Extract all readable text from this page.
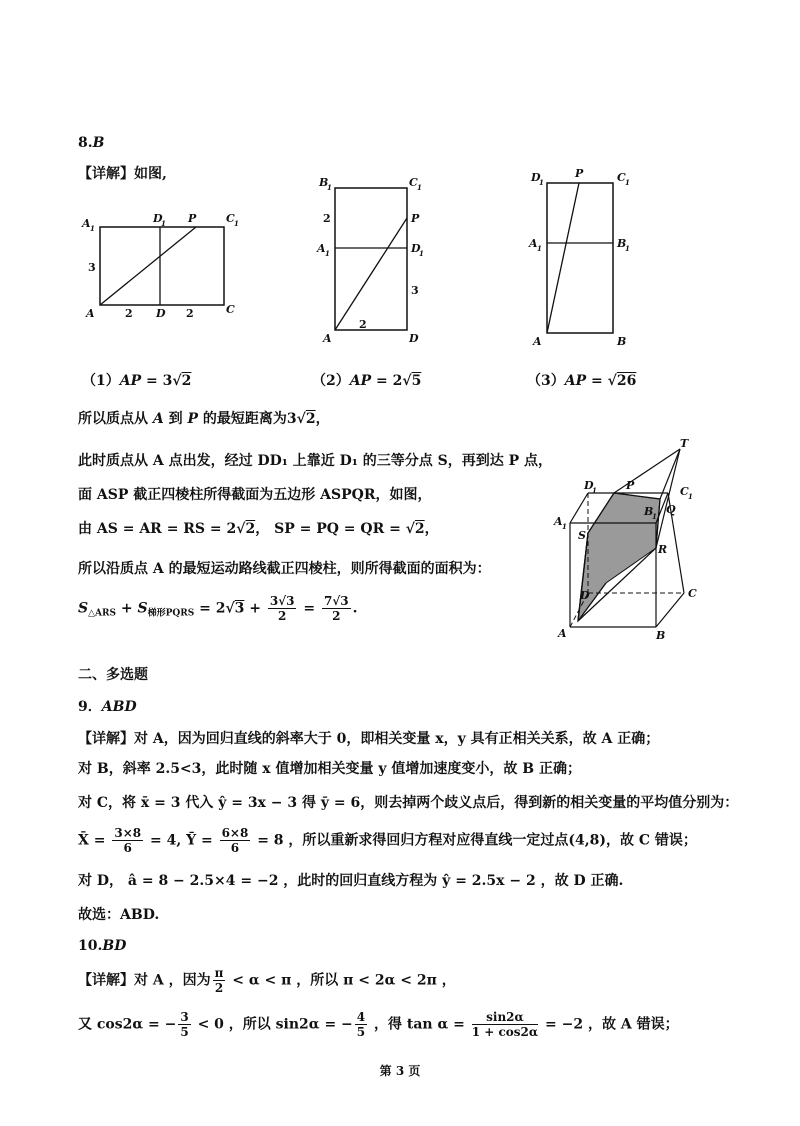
8.B
【详解】如图,
A 1
D
1 P	C 1
3
A	D	C
2	2
（1）AP = 3√2
B
1	C 1
P
A 1	D
1
2
3
A	D
2
（2）AP = 2√5
D
1
P	C 1
A 1	B
1
A	B
（3）AP = √26
所以质点从 A 到 P 的最短距离为3√2，
此时质点从 A 点出发，经过 DD₁ 上靠近 D₁ 的三等分点 S，再到达 P 点，
面 ASP 截正四棱柱所得截面为五边形 ASPQR，如图，
由 AS = AR = RS = 2√2， SP = PQ = QR = √2，
所以沿质点 A 的最短运动路线截正四棱柱，则所得截面的面积为：
$S_{\triangle ARS} + S_{梯形PQRS} = 2√3 + \frac{3√3}{2} = \frac{7√3}{2}$ .
T
D
1	P	C 1
A 1
B
1
Q
S
R
D	C
A	B
二、多选题
9．ABD
【详解】对 A，因为回归直线的斜率大于 0，即相关变量 x，y 具有正相关关系，故 A 正确；
对 B，斜率 2.5<3，此时随 x 值增加相关变量 y 值增加速度变小，故 B 正确；
对 C，将 x̄ = 3 代入 ŷ = 3x − 3 得 ȳ = 6，则去掉两个歧义点后，得到新的相关变量的平均值分别为：
X̄ = $\frac{3\times 8}{6} = 4$, Ȳ = $\frac{6\times 8}{6} = 8$ ，所以重新求得回归方程对应得直线一定过点(4,8)，故 C 错误；
对 D， â = 8 − 2.5×4 = −2 ，此时的回归直线方程为 ŷ = 2.5x − 2 ，故 D 正确.
故选：ABD.
10.BD
【详解】对 A ，因为 $\frac{\pi}{2} < \alpha < \pi$ ，所以 π < 2α < 2π ，
又 cos2α = − $\frac{3}{5} < 0$ ，所以 sin2α = − $\frac{4}{5}$ ，得 $\tan \alpha = \frac{\sin 2\alpha}{1 + \cos 2\alpha} = -2$ ，故 A 错误；
第 3 页
